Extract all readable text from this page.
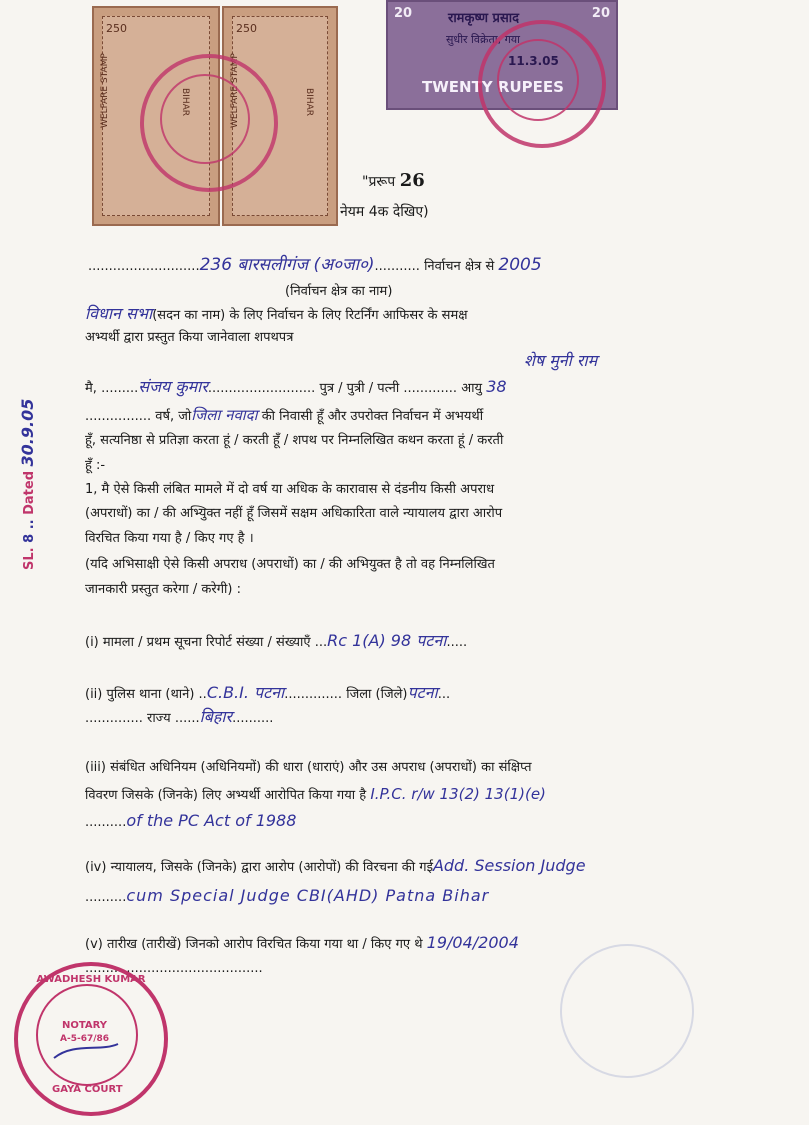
250
WELFARE STAMP	BIHAR
250
WELFARE STAMP	BIHAR
20	20
रामकृष्ण प्रसाद
सुधीर विक्रेता, गया
11.3.05
TWENTY RUPEES
SL. 8 .. Dated 30.9.05
"प्ररूप 26
नेयम 4क देखिए)
...........................236 बारसलीगंज (अ०जा०)........... निर्वाचन क्षेत्र से 2005
(निर्वाचन क्षेत्र का नाम)
विधान सभा(सदन का नाम) के लिए निर्वाचन के लिए रिटर्निंग आफिसर के समक्ष
अभ्यर्थी द्वारा प्रस्तुत किया जानेवाला शपथपत्र
मै, .........संजय कुमार.......................... पुत्र / पुत्री / पत्नी ............. आयु 38
शेष मुनी राम
................ वर्ष, जोजिला नवादा की निवासी हूँ और उपरोक्त निर्वाचन में अभयर्थी
हूँ, सत्यनिष्ठा से प्रतिज्ञा करता हूं / करती हूँ / शपथ पर निम्नलिखित कथन करता हूं / करती
हूँ :-
1, मै ऐसे किसी लंबित मामले में दो वर्ष या अधिक के कारावास से दंडनीय किसी अपराध
(अपराधों) का / की अभ्युिक्त नहीं हूँ जिसमें सक्षम अधिकारिता वाले न्यायालय द्वारा आरोप
विरचित किया गया है / किए गए है ।
(यदि अभिसाक्षी ऐसे किसी अपराध (अपराधों) का / की अभियुक्त है तो वह निम्नलिखित
जानकारी प्रस्तुत करेगा / करेगी) :
(i) मामला / प्रथम सूचना रिपोर्ट संख्या / संख्याएँ ...Rc 1(A) 98 पटना.....
(ii) पुलिस थाना (थाने) ..C.B.I. पटना.............. जिला (जिले)पटना...
.............. राज्य ......बिहार..........
(iii) संबंधित अधिनियम (अधिनियमों) की धारा (धाराएं) और उस अपराध (अपराधों) का संक्षिप्त
विवरण जिसके (जिनके) लिए अभ्यर्थी आरोपित किया गया है I.P.C. r/w 13(2) 13(1)(e)
..........of the PC Act of 1988
(iv) न्यायालय, जिसके (जिनके) द्वारा आरोप (आरोपों) की विरचना की गईAdd. Session Judge
..........cum Special Judge CBI(AHD) Patna Bihar
(v) तारीख (तारीखें) जिनको आरोप विरचित किया गया था / किए गए थे 19/04/2004
...........................................
AWADHESH KUMAR
NOTARY
A-5-67/86
GAYA COURT
